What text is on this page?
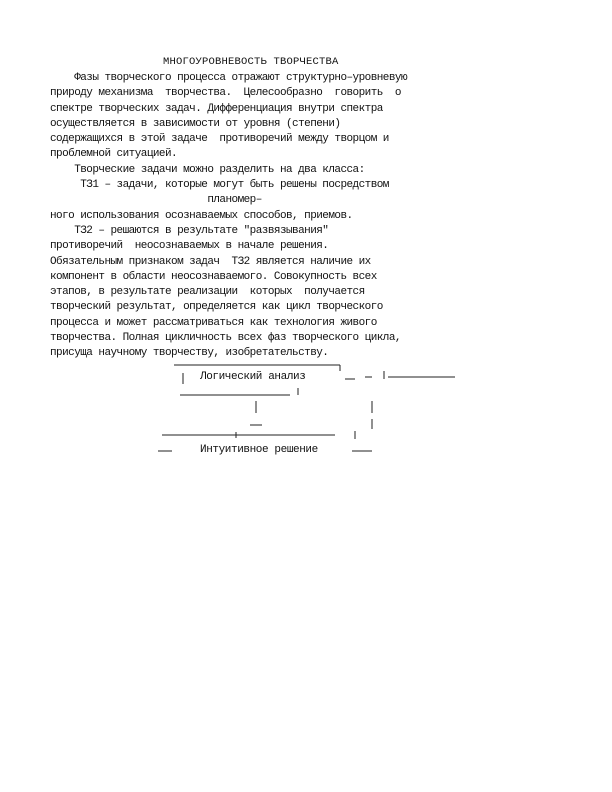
МНОГОУРОВНЕВОСТЬ ТВОРЧЕСТВА
Фазы творческого процесса отражают структурно–уровневую
природу механизма  творчества.  Целесообразно  говорить  о
спектре творческих задач. Дифференциация внутри спектра
осуществляется в зависимости от уровня (степени)
содержащихся в этой задаче  противоречий между творцом и
проблемной ситуацией.
Творческие задачи можно разделить на два класса:
ТЗ1 – задачи, которые могут быть решены посредством
планомер–
ного использования осознаваемых способов, приемов.
ТЗ2 – решаются в результате "развязывания"
противоречий  неосознаваемых в начале решения.
Обязательным признаком задач  ТЗ2 является наличие их
компонент в области неосознаваемого. Совокупность всех
этапов, в результате реализации  которых  получается
творческий результат, определяется как цикл творческого
процесса и может рассматриваться как технология живого
творчества. Полная цикличность всех фаз творческого цикла,
присуща научному творчеству, изобретательству.
Логический анализ
Интуитивное решение
